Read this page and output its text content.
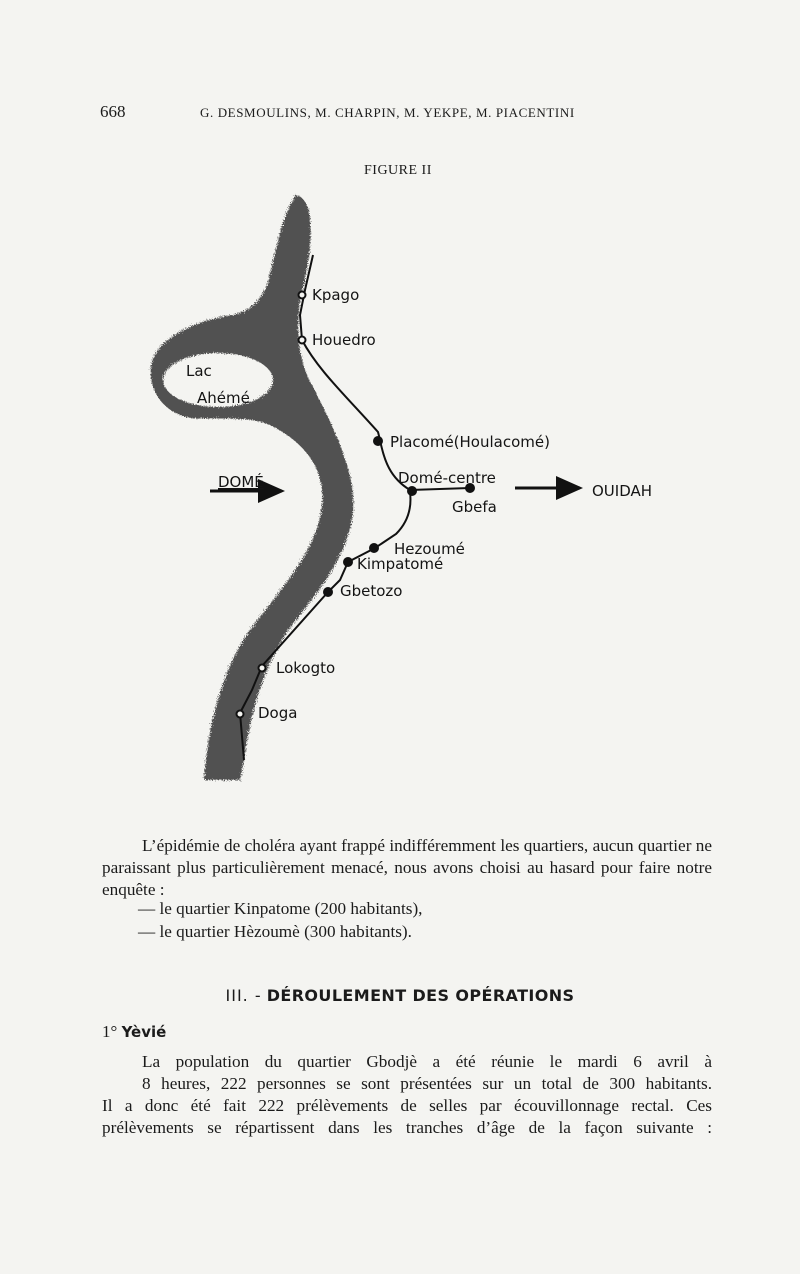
668	G. DESMOULINS, M. CHARPIN, M. YEKPE, M. PIACENTINI
FIGURE II
Lac
Ahémé
DOMÉ	OUIDAH
Kpago
Houedro
Placomé(Houlacomé)
Domé-centre
Gbefa
Hezoumé
Kimpatomé
Gbetozo
Lokogto
Doga
L’épidémie de choléra ayant frappé indifféremment les quartiers, aucun quartier ne paraissant plus particulièrement menacé, nous avons choisi au hasard pour faire notre enquête :
— le quartier Kinpatome (200 habitants),
— le quartier Hèzoumè (300 habitants).
III. - DÉROULEMENT DES OPÉRATIONS
1° Yèvié
La population du quartier Gbodjè a été réunie le mardi 6 avril à
8 heures, 222 personnes se sont présentées sur un total de 300 habitants.
Il a donc été fait 222 prélèvements de selles par écouvillonnage rectal. Ces
prélèvements se répartissent dans les tranches d’âge de la façon suivante :
